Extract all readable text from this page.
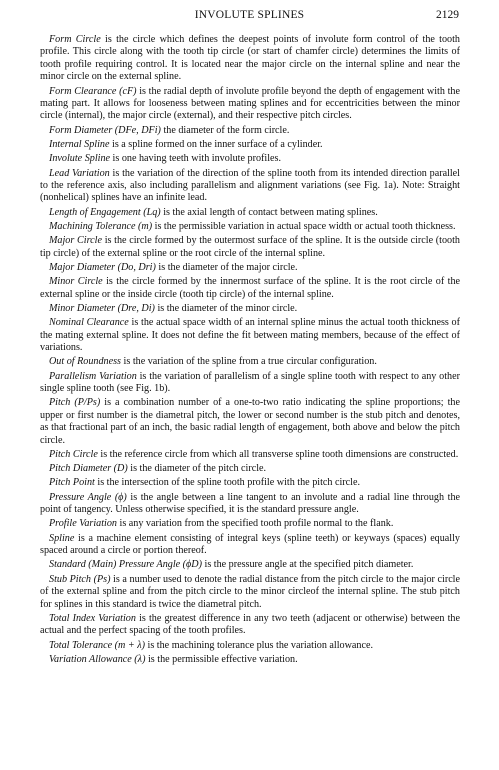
INVOLUTE SPLINES	2129

Form Circle is the circle which defines the deepest points of involute form control of the tooth profile. This circle along with the tooth tip circle (or start of chamfer circle) determines the limits of tooth profile requiring control. It is located near the major circle on the internal spline and near the minor circle on the external spline.

Form Clearance (cF) is the radial depth of involute profile beyond the depth of engagement with the mating part. It allows for looseness between mating splines and for eccentricities between the minor circle (internal), the major circle (external), and their respective pitch circles.

Form Diameter (DFe, DFi) the diameter of the form circle.

Internal Spline is a spline formed on the inner surface of a cylinder.

Involute Spline is one having teeth with involute profiles.

Lead Variation is the variation of the direction of the spline tooth from its intended direction parallel to the reference axis, also including parallelism and alignment variations (see Fig. 1a). Note: Straight (nonhelical) splines have an infinite lead.

Length of Engagement (Lq) is the axial length of contact between mating splines.

Machining Tolerance (m) is the permissible variation in actual space width or actual tooth thickness.

Major Circle is the circle formed by the outermost surface of the spline. It is the outside circle (tooth tip circle) of the external spline or the root circle of the internal spline.

Major Diameter (Do, Dri) is the diameter of the major circle.

Minor Circle is the circle formed by the innermost surface of the spline. It is the root circle of the external spline or the inside circle (tooth tip circle) of the internal spline.

Minor Diameter (Dre, Di) is the diameter of the minor circle.

Nominal Clearance is the actual space width of an internal spline minus the actual tooth thickness of the mating external spline. It does not define the fit between mating members, because of the effect of variations.

Out of Roundness is the variation of the spline from a true circular configuration.

Parallelism Variation is the variation of parallelism of a single spline tooth with respect to any other single spline tooth (see Fig. 1b).

Pitch (P/Ps) is a combination number of a one-to-two ratio indicating the spline proportions; the upper or first number is the diametral pitch, the lower or second number is the stub pitch and denotes, as that fractional part of an inch, the basic radial length of engagement, both above and below the pitch circle.

Pitch Circle is the reference circle from which all transverse spline tooth dimensions are constructed.

Pitch Diameter (D) is the diameter of the pitch circle.

Pitch Point is the intersection of the spline tooth profile with the pitch circle.

Pressure Angle (ϕ) is the angle between a line tangent to an involute and a radial line through the point of tangency. Unless otherwise specified, it is the standard pressure angle.

Profile Variation is any variation from the specified tooth profile normal to the flank.

Spline is a machine element consisting of integral keys (spline teeth) or keyways (spaces) equally spaced around a circle or portion thereof.

Standard (Main) Pressure Angle (ϕD) is the pressure angle at the specified pitch diameter.

Stub Pitch (Ps) is a number used to denote the radial distance from the pitch circle to the major circle of the external spline and from the pitch circle to the minor circleof the internal spline. The stub pitch for splines in this standard is twice the diametral pitch.

Total Index Variation is the greatest difference in any two teeth (adjacent or otherwise) between the actual and the perfect spacing of the tooth profiles.

Total Tolerance (m + λ) is the machining tolerance plus the variation allowance.

Variation Allowance (λ) is the permissible effective variation.
